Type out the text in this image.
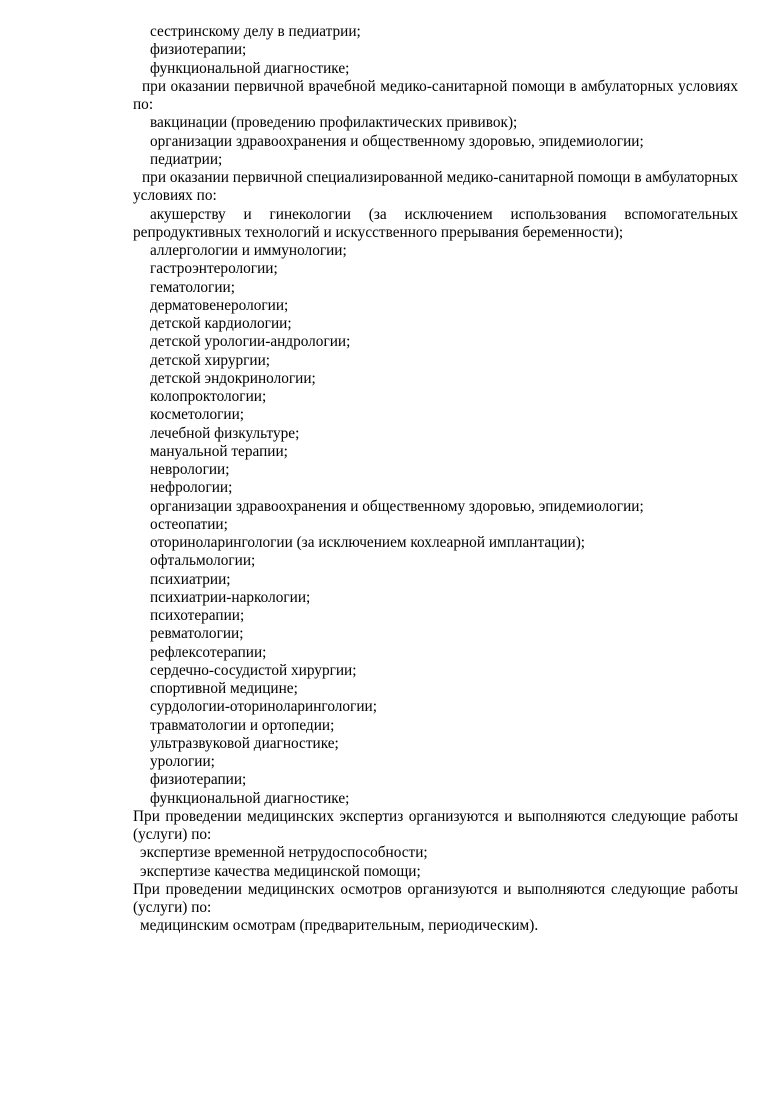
сестринскому делу в педиатрии;

физиотерапии;

функциональной диагностике;

при оказании первичной врачебной медико-санитарной помощи в амбулаторных условиях по:

вакцинации (проведению профилактических прививок);

организации здравоохранения и общественному здоровью, эпидемиологии;

педиатрии;

при оказании первичной специализированной медико-санитарной помощи в амбулаторных условиях по:

акушерству и гинекологии (за исключением использования вспомогательных репродуктивных технологий и искусственного прерывания беременности);

аллергологии и иммунологии;

гастроэнтерологии;

гематологии;

дерматовенерологии;

детской кардиологии;

детской урологии-андрологии;

детской хирургии;

детской эндокринологии;

колопроктологии;

косметологии;

лечебной физкультуре;

мануальной терапии;

неврологии;

нефрологии;

организации здравоохранения и общественному здоровью, эпидемиологии;

остеопатии;

оториноларингологии (за исключением кохлеарной имплантации);

офтальмологии;

психиатрии;

психиатрии-наркологии;

психотерапии;

ревматологии;

рефлексотерапии;

сердечно-сосудистой хирургии;

спортивной медицине;

сурдологии-оториноларингологии;

травматологии и ортопедии;

ультразвуковой диагностике;

урологии;

физиотерапии;

функциональной диагностике;

При проведении медицинских экспертиз организуются и выполняются следующие работы (услуги) по:

экспертизе временной нетрудоспособности;

экспертизе качества медицинской помощи;

При проведении медицинских осмотров организуются и выполняются следующие работы (услуги) по:

медицинским осмотрам (предварительным, периодическим).
